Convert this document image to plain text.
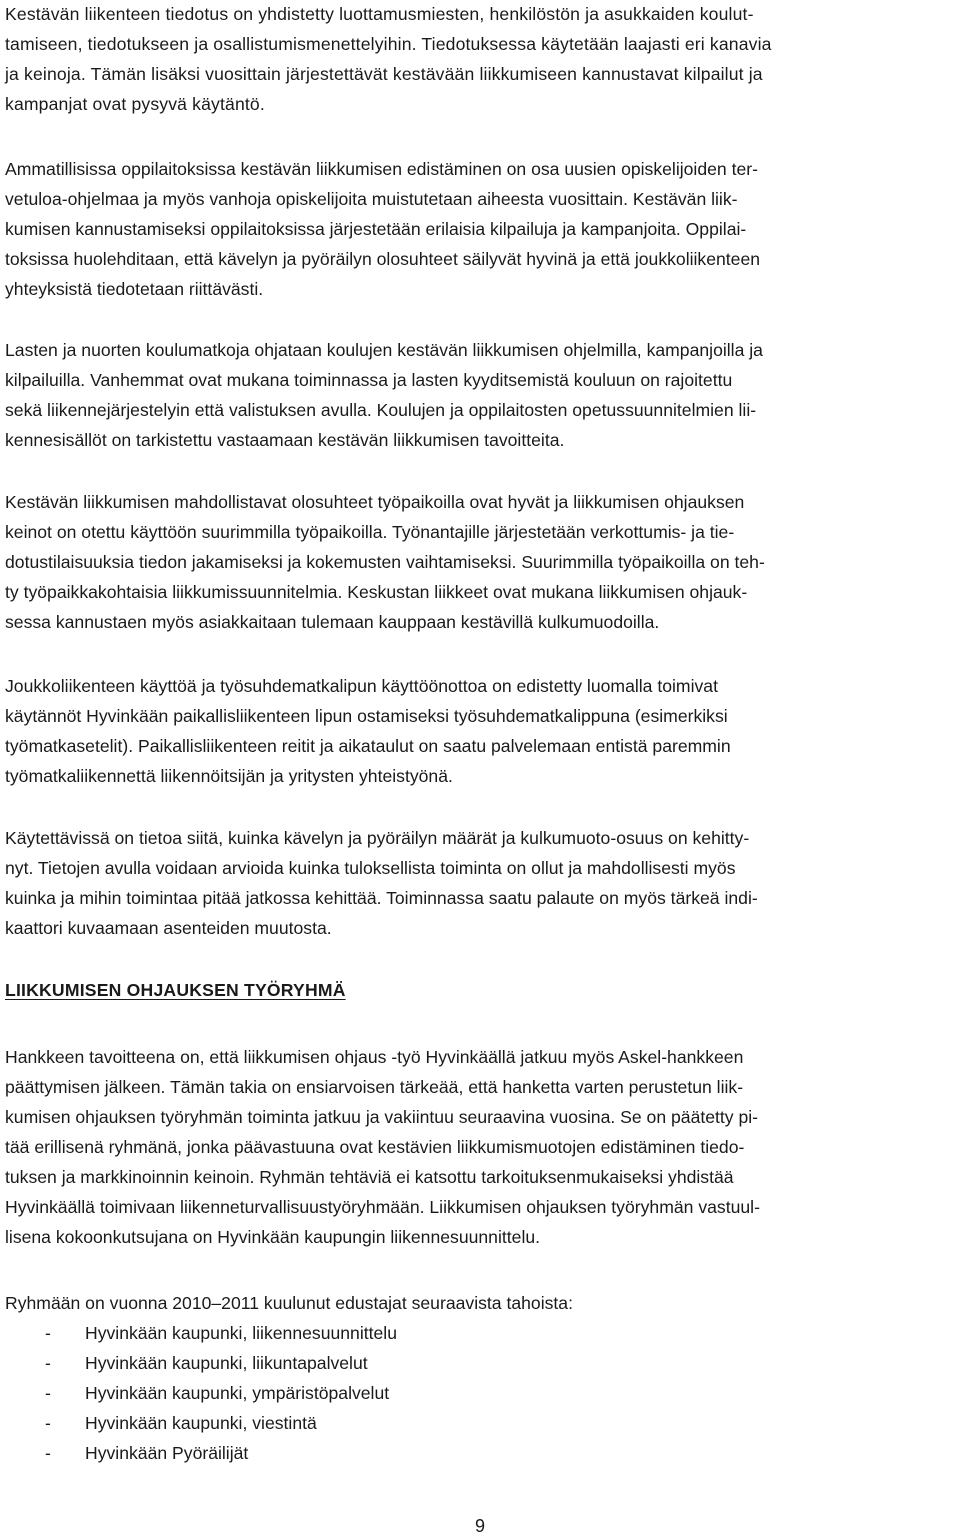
Kestävän liikenteen tiedotus on yhdistetty luottamusmiesten, henkilöstön ja asukkaiden koulut-
tamiseen, tiedotukseen ja osallistumismenettelyihin. Tiedotuksessa käytetään laajasti eri kanavia
ja keinoja. Tämän lisäksi vuosittain järjestettävät kestävään liikkumiseen kannustavat kilpailut ja
kampanjat ovat pysyvä käytäntö.

Ammatillisissa oppilaitoksissa kestävän liikkumisen edistäminen on osa uusien opiskelijoiden ter-
vetuloa-ohjelmaa ja myös vanhoja opiskelijoita muistutetaan aiheesta vuosittain. Kestävän liik-
kumisen kannustamiseksi oppilaitoksissa järjestetään erilaisia kilpailuja ja kampanjoita. Oppilai-
toksissa huolehditaan, että kävelyn ja pyöräilyn olosuhteet säilyvät hyvinä ja että joukkoliikenteen
yhteyksistä tiedotetaan riittävästi.

Lasten ja nuorten koulumatkoja ohjataan koulujen kestävän liikkumisen ohjelmilla, kampanjoilla ja
kilpailuilla. Vanhemmat ovat mukana toiminnassa ja lasten kyyditsemistä kouluun on rajoitettu
sekä liikennejärjestelyin että valistuksen avulla. Koulujen ja oppilaitosten opetussuunnitelmien lii-
kennesisällöt on tarkistettu vastaamaan kestävän liikkumisen tavoitteita.

Kestävän liikkumisen mahdollistavat olosuhteet työpaikoilla ovat hyvät ja liikkumisen ohjauksen
keinot on otettu käyttöön suurimmilla työpaikoilla. Työnantajille järjestetään verkottumis- ja tie-
dotustilaisuuksia tiedon jakamiseksi ja kokemusten vaihtamiseksi. Suurimmilla työpaikoilla on teh-
ty työpaikkakohtaisia liikkumissuunnitelmia. Keskustan liikkeet ovat mukana liikkumisen ohjauk-
sessa kannustaen myös asiakkaitaan tulemaan kauppaan kestävillä kulkumuodoilla.

Joukkoliikenteen käyttöä ja työsuhdematkalipun käyttöönottoa on edistetty luomalla toimivat
käytännöt Hyvinkään paikallisliikenteen lipun ostamiseksi työsuhdematkalippuna (esimerkiksi
työmatkasetelit). Paikallisliikenteen reitit ja aikataulut on saatu palvelemaan entistä paremmin
työmatkaliikennettä liikennöitsijän ja yritysten yhteistyönä.

Käytettävissä on tietoa siitä, kuinka kävelyn ja pyöräilyn määrät ja kulkumuoto-osuus on kehitty-
nyt. Tietojen avulla voidaan arvioida kuinka tuloksellista toiminta on ollut ja mahdollisesti myös
kuinka ja mihin toimintaa pitää jatkossa kehittää. Toiminnassa saatu palaute on myös tärkeä indi-
kaattori kuvaamaan asenteiden muutosta.

LIIKKUMISEN OHJAUKSEN TYÖRYHMÄ

Hankkeen tavoitteena on, että liikkumisen ohjaus -työ Hyvinkäällä jatkuu myös Askel-hankkeen
päättymisen jälkeen. Tämän takia on ensiarvoisen tärkeää, että hanketta varten perustetun liik-
kumisen ohjauksen työryhmän toiminta jatkuu ja vakiintuu seuraavina vuosina. Se on päätetty pi-
tää erillisenä ryhmänä, jonka päävastuuna ovat kestävien liikkumismuotojen edistäminen tiedo-
tuksen ja markkinoinnin keinoin. Ryhmän tehtäviä ei katsottu tarkoituksenmukaiseksi yhdistää
Hyvinkäällä toimivaan liikenneturvallisuustyöryhmään. Liikkumisen ohjauksen työryhmän vastuul-
lisena kokoonkutsujana on Hyvinkään kaupungin liikennesuunnittelu.

Ryhmään on vuonna 2010–2011 kuulunut edustajat seuraavista tahoista:
- Hyvinkään kaupunki, liikennesuunnittelu
- Hyvinkään kaupunki, liikuntapalvelut
- Hyvinkään kaupunki, ympäristöpalvelut
- Hyvinkään kaupunki, viestintä
- Hyvinkään Pyöräilijät
9
